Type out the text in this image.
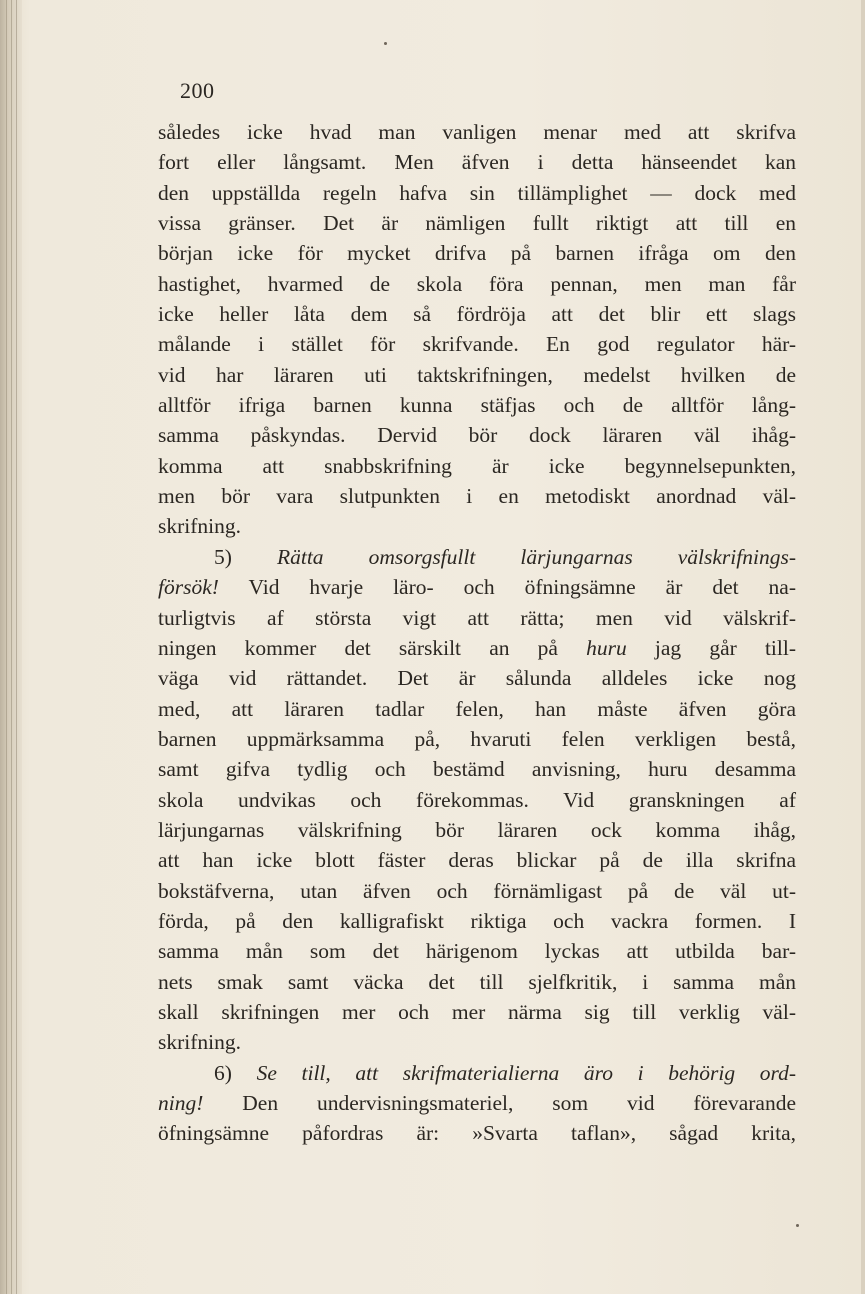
200
således icke hvad man vanligen menar med att skrifva
fort eller långsamt. Men äfven i detta hänseendet kan
den uppställda regeln hafva sin tillämplighet — dock med
vissa gränser. Det är nämligen fullt riktigt att till en
början icke för mycket drifva på barnen ifråga om den
hastighet, hvarmed de skola föra pennan, men man får
icke heller låta dem så fördröja att det blir ett slags
målande i stället för skrifvande. En god regulator här-
vid har läraren uti taktskrifningen, medelst hvilken de
alltför ifriga barnen kunna stäfjas och de alltför lång-
samma påskyndas. Dervid bör dock läraren väl ihåg-
komma att snabbskrifning är icke begynnelsepunkten,
men bör vara slutpunkten i en metodiskt anordnad väl-
skrifning.
5) Rätta omsorgsfullt lärjungarnas välskrifnings-
försök! Vid hvarje läro- och öfningsämne är det na-
turligtvis af största vigt att rätta; men vid välskrif-
ningen kommer det särskilt an på huru jag går till-
väga vid rättandet. Det är sålunda alldeles icke nog
med, att läraren tadlar felen, han måste äfven göra
barnen uppmärksamma på, hvaruti felen verkligen bestå,
samt gifva tydlig och bestämd anvisning, huru desamma
skola undvikas och förekommas. Vid granskningen af
lärjungarnas välskrifning bör läraren ock komma ihåg,
att han icke blott fäster deras blickar på de illa skrifna
bokstäfverna, utan äfven och förnämligast på de väl ut-
förda, på den kalligrafiskt riktiga och vackra formen. I
samma mån som det härigenom lyckas att utbilda bar-
nets smak samt väcka det till sjelfkritik, i samma mån
skall skrifningen mer och mer närma sig till verklig väl-
skrifning.
6) Se till, att skrifmaterialierna äro i behörig ord-
ning! Den undervisningsmateriel, som vid förevarande
öfningsämne påfordras är: »Svarta taflan», sågad krita,
